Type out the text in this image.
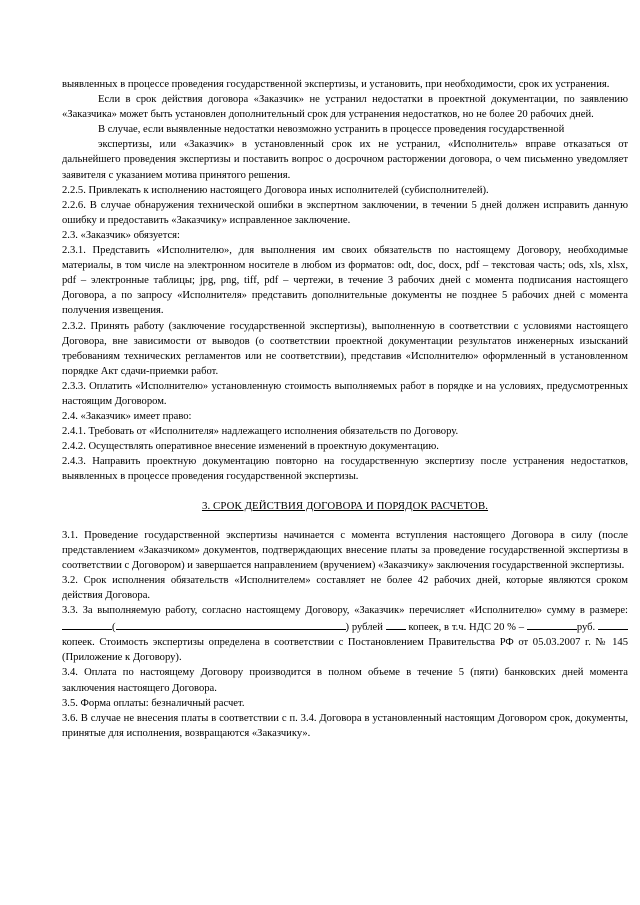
выявленных в процессе проведения государственной экспертизы, и установить, при необходимости, срок их устранения.

Если в срок действия договора «Заказчик» не устранил недостатки в проектной документации, по заявлению «Заказчика» может быть установлен дополнительный срок для устранения недостатков, но не более 20 рабочих дней.

В случае, если выявленные недостатки невозможно устранить в процессе проведения государственной

экспертизы, или «Заказчик» в установленный срок их не устранил, «Исполнитель» вправе отказаться от дальнейшего проведения экспертизы и поставить вопрос о досрочном расторжении договора, о чем письменно уведомляет заявителя с указанием мотива принятого решения.

2.2.5. Привлекать к исполнению настоящего Договора иных исполнителей (субисполнителей).

2.2.6. В случае обнаружения технической ошибки в экспертном заключении, в течении 5 дней должен исправить данную ошибку и предоставить «Заказчику» исправленное заключение.

2.3. «Заказчик» обязуется:

2.3.1. Представить «Исполнителю», для выполнения им своих обязательств по настоящему Договору, необходимые материалы, в том числе на электронном носителе в любом из форматов: odt, doc, docx, pdf – текстовая часть; ods, xls, xlsx, pdf – электронные таблицы; jpg, png, tiff, pdf – чертежи, в течение 3 рабочих дней с момента подписания настоящего Договора, а по запросу «Исполнителя» представить дополнительные документы не позднее 5 рабочих дней с момента получения извещения.

2.3.2. Принять работу (заключение государственной экспертизы), выполненную в соответствии с условиями настоящего Договора, вне зависимости от выводов (о соответствии проектной документации результатов инженерных изысканий требованиям технических регламентов или не соответствии), представив «Исполнителю» оформленный в установленном порядке Акт сдачи-приемки работ.

2.3.3. Оплатить «Исполнителю» установленную стоимость выполняемых работ в порядке и на условиях, предусмотренных настоящим Договором.

2.4. «Заказчик» имеет право:

2.4.1. Требовать от «Исполнителя» надлежащего исполнения обязательств по Договору.

2.4.2. Осуществлять оперативное внесение изменений в проектную документацию.

2.4.3. Направить проектную документацию повторно на государственную экспертизу после устранения недостатков, выявленных в процессе проведения государственной экспертизы.

3. СРОК ДЕЙСТВИЯ ДОГОВОРА И ПОРЯДОК РАСЧЕТОВ.

3.1. Проведение государственной экспертизы начинается с момента вступления настоящего Договора в силу (после представлением «Заказчиком» документов, подтверждающих внесение платы за проведение государственной экспертизы в соответствии с Договором) и завершается направлением (вручением) «Заказчику» заключения государственной экспертизы.

3.2. Срок исполнения обязательств «Исполнителем» составляет не более 42 рабочих дней, которые являются сроком действия Договора.

3.3. За выполняемую работу, согласно настоящему Договору, «Заказчик» перечисляет «Исполнителю» сумму в размере: (	) рублей копеек, в т.ч. НДС 20 % –	руб.  копеек. Стоимость экспертизы определена в соответствии с Постановлением Правительства РФ от 05.03.2007 г. № 145 (Приложение к Договору).

3.4. Оплата по настоящему Договору производится в полном объеме в течение 5 (пяти) банковских дней момента заключения настоящего Договора.

3.5. Форма оплаты: безналичный расчет.

3.6. В случае не внесения платы в соответствии с п. 3.4. Договора в установленный настоящим Договором срок, документы, принятые для исполнения, возвращаются «Заказчику».
